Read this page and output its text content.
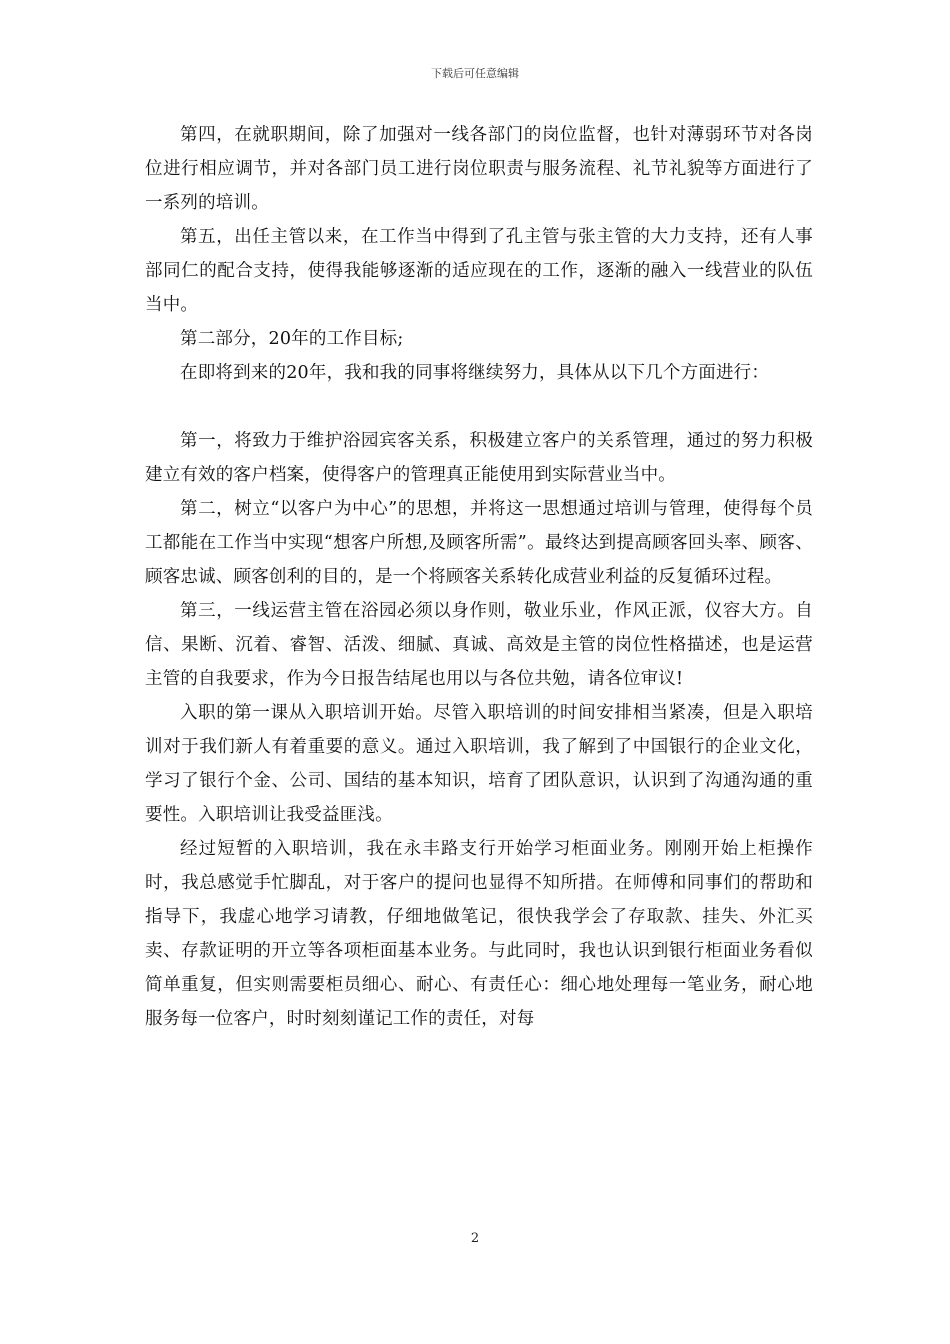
下载后可任意编辑

第四，在就职期间，除了加强对一线各部门的岗位监督，也针对薄弱环节对各岗位进行相应调节，并对各部门员工进行岗位职责与服务流程、礼节礼貌等方面进行了一系列的培训。

第五，出任主管以来，在工作当中得到了孔主管与张主管的大力支持，还有人事部同仁的配合支持，使得我能够逐渐的适应现在的工作，逐渐的融入一线营业的队伍当中。

第二部分，20年的工作目标;

在即将到来的20年，我和我的同事将继续努力，具体从以下几个方面进行：

第一，将致力于维护浴园宾客关系，积极建立客户的关系管理，通过的努力积极建立有效的客户档案，使得客户的管理真正能使用到实际营业当中。

第二，树立“以客户为中心”的思想，并将这一思想通过培训与管理，使得每个员工都能在工作当中实现“想客户所想,及顾客所需”。最终达到提高顾客回头率、顾客、顾客忠诚、顾客创利的目的，是一个将顾客关系转化成营业利益的反复循环过程。

第三，一线运营主管在浴园必须以身作则，敬业乐业，作风正派，仪容大方。自信、果断、沉着、睿智、活泼、细腻、真诚、高效是主管的岗位性格描述，也是运营主管的自我要求，作为今日报告结尾也用以与各位共勉，请各位审议!

入职的第一课从入职培训开始。尽管入职培训的时间安排相当紧凑，但是入职培训对于我们新人有着重要的意义。通过入职培训，我了解到了中国银行的企业文化，学习了银行个金、公司、国结的基本知识，培育了团队意识，认识到了沟通沟通的重要性。入职培训让我受益匪浅。

经过短暂的入职培训，我在永丰路支行开始学习柜面业务。刚刚开始上柜操作时，我总感觉手忙脚乱，对于客户的提问也显得不知所措。在师傅和同事们的帮助和指导下，我虚心地学习请教，仔细地做笔记，很快我学会了存取款、挂失、外汇买卖、存款证明的开立等各项柜面基本业务。与此同时，我也认识到银行柜面业务看似简单重复，但实则需要柜员细心、耐心、有责任心：细心地处理每一笔业务，耐心地服务每一位客户，时时刻刻谨记工作的责任，对每

2
